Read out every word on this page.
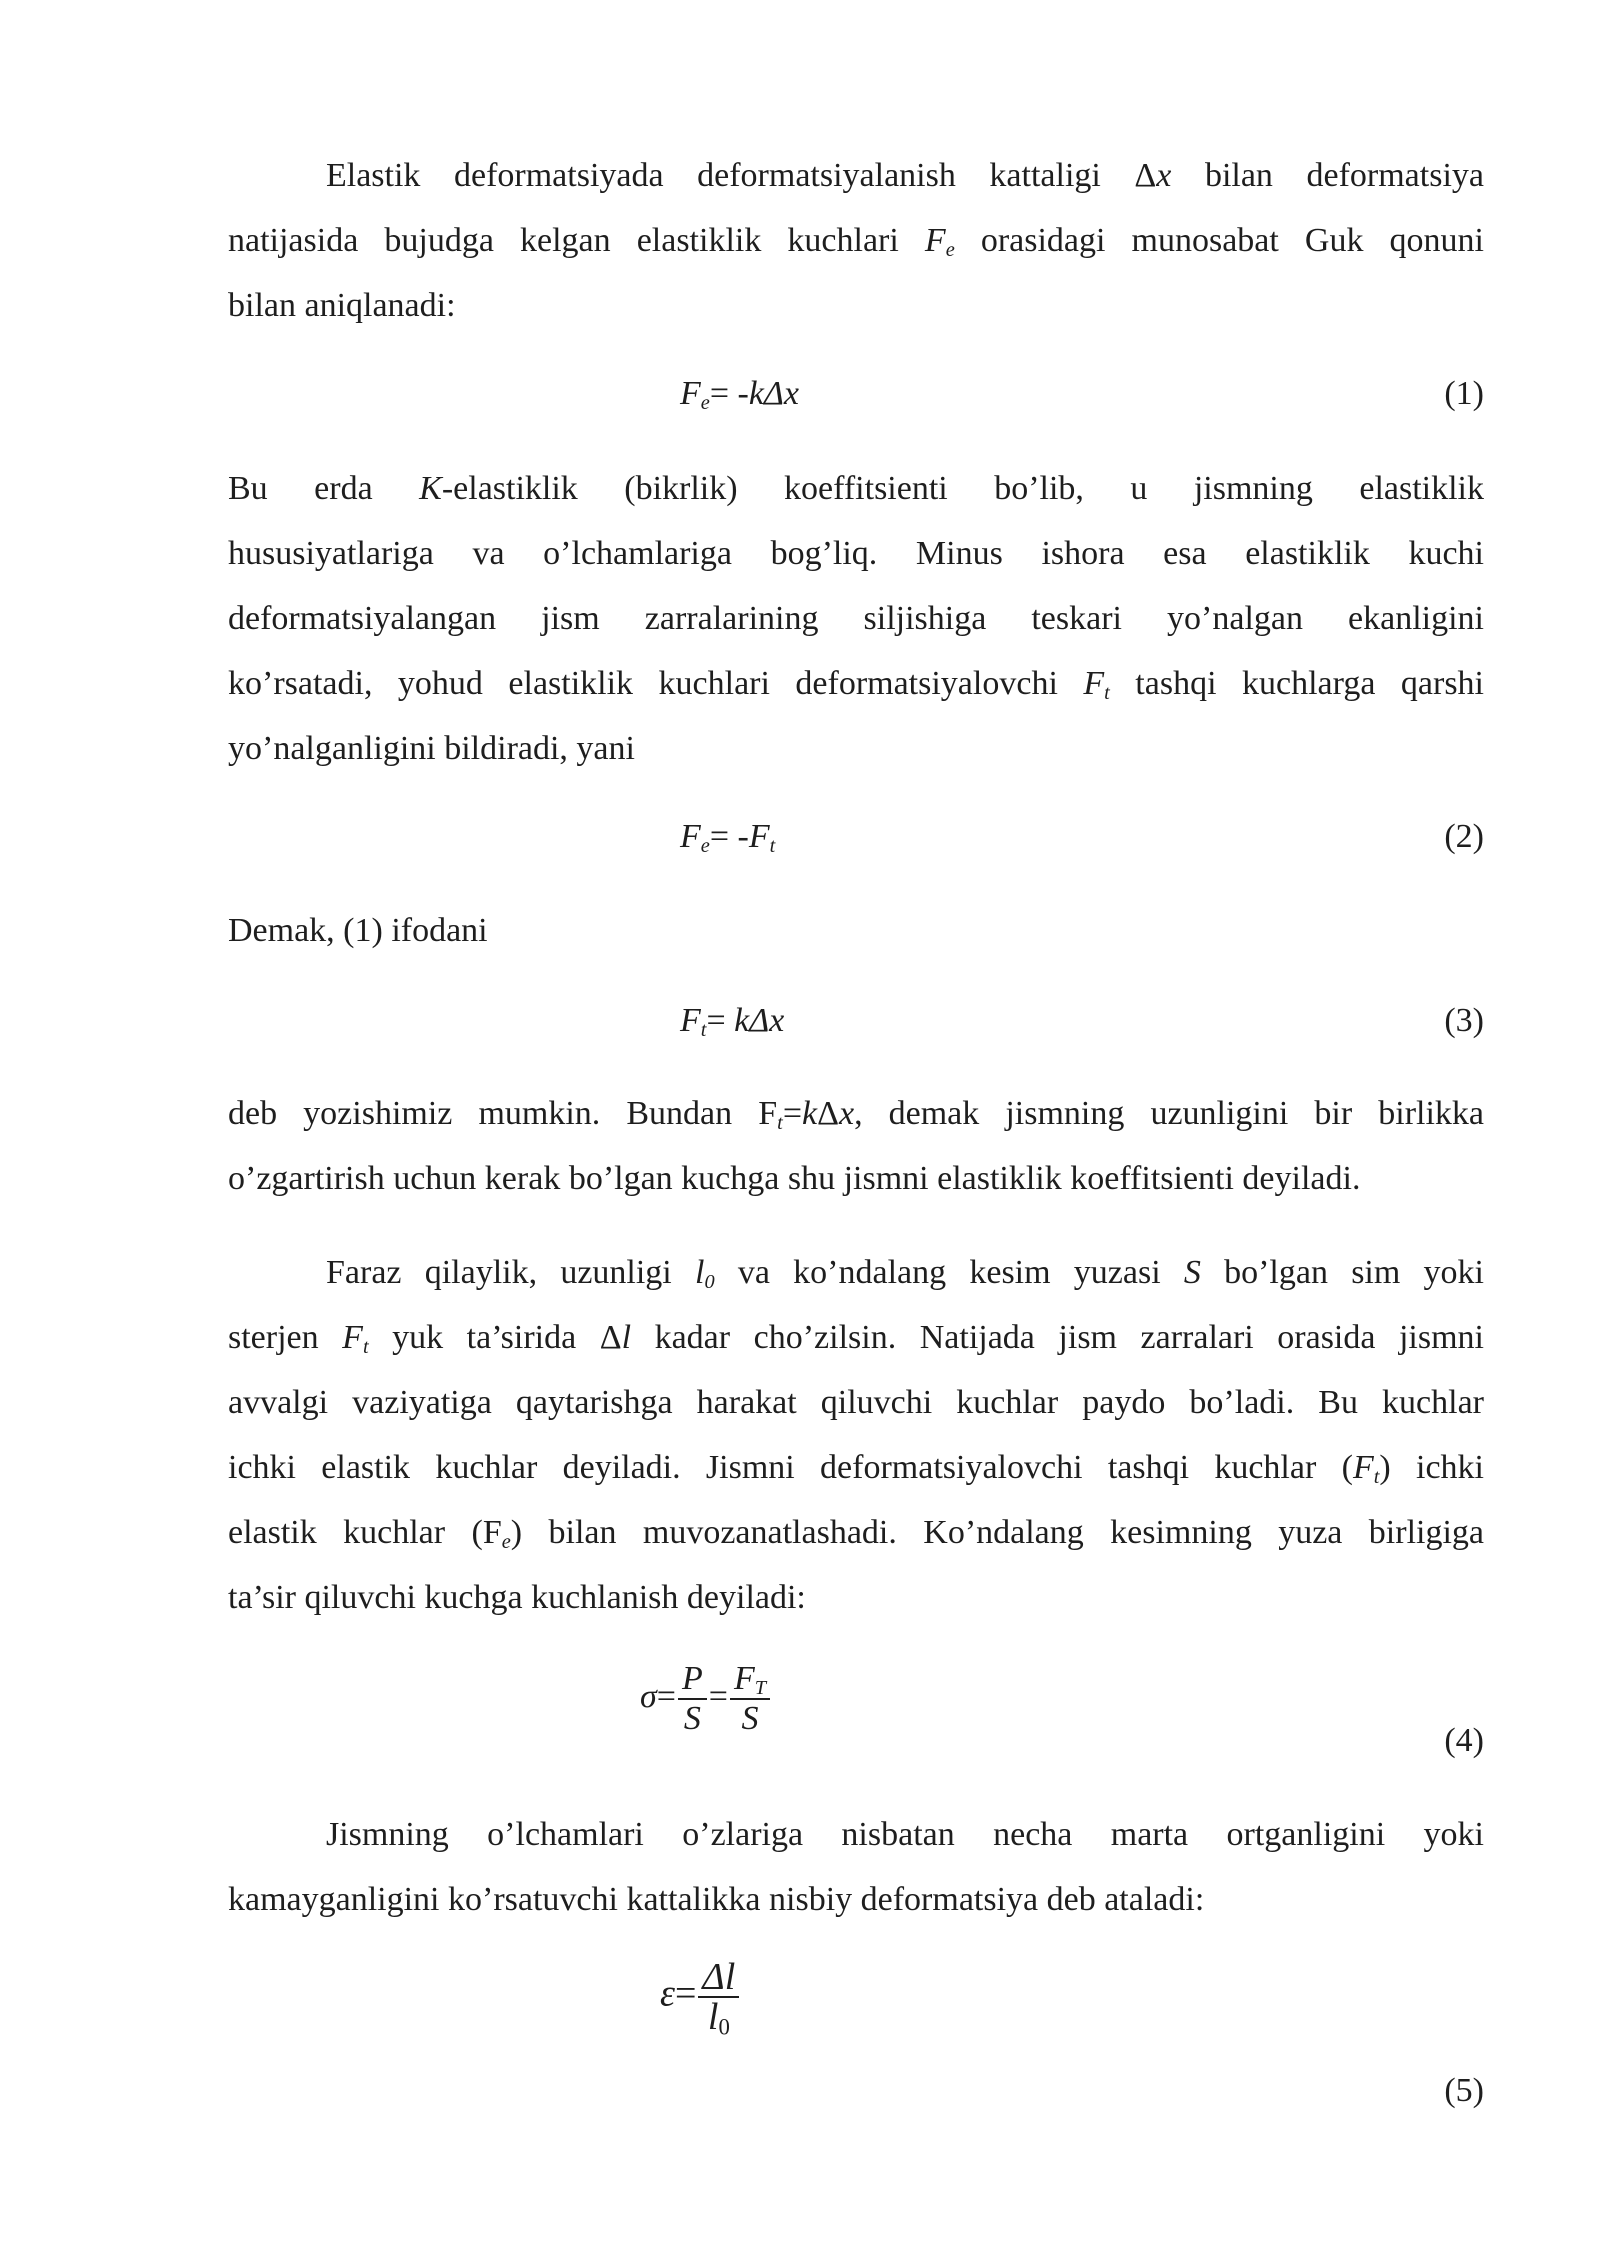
Elastik deformatsiyada deformatsiyalanish kattaligi Δx bilan deformatsiya
natijasida bujudga kelgan elastiklik kuchlari $F_e$ orasidagi munosabat Guk qonuni
bilan aniqlanadi:
$F_e= -k\Delta x$	(1)
Bu erda K-elastiklik (bikrlik) koeffitsienti bo’lib, u jismning elastiklik
hususiyatlariga va o’lchamlariga bog’liq. Minus ishora esa elastiklik kuchi
deformatsiyalangan jism zarralarining siljishiga teskari yo’nalgan ekanligini
ko’rsatadi, yohud elastiklik kuchlari deformatsiyalovchi $F_t$ tashqi kuchlarga qarshi
yo’nalganligini bildiradi, yani
$F_e= -F_t$	(2)
Demak, (1) ifodani
$F_t= k\Delta x$	(3)
deb yozishimiz mumkin. Bundan $F_t=k\Delta x$, demak jismning uzunligini bir birlikka
o’zgartirish uchun kerak bo’lgan kuchga shu jismni elastiklik koeffitsienti deyiladi.
Faraz qilaylik, uzunligi $l_0$ va ko’ndalang kesim yuzasi S bo’lgan sim yoki
sterjen $F_t$ yuk ta’sirida Δl kadar cho’zilsin. Natijada jism zarralari orasida jismni
avvalgi vaziyatiga qaytarishga harakat qiluvchi kuchlar paydo bo’ladi. Bu kuchlar
ichki elastik kuchlar deyiladi. Jismni deformatsiyalovchi tashqi kuchlar $(F_t)$ ichki
elastik kuchlar $(F_e)$ bilan muvozanatlashadi. Ko’ndalang kesimning yuza birligiga
ta’sir qiluvchi kuchga kuchlanish deyiladi:
$\sigma= \frac{P}{S} = \frac{F_T}{S}$
(4)
Jismning o’lchamlari o’zlariga nisbatan necha marta ortganligini yoki
kamayganligini ko’rsatuvchi kattalikka nisbiy deformatsiya deb ataladi:
$\varepsilon= \frac{\Delta l}{l_0}$
(5)
